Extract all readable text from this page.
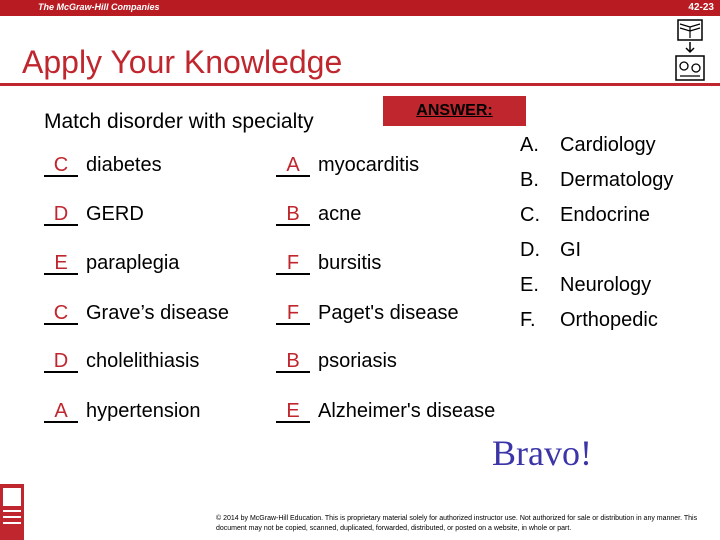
The McGraw-Hill Companies	42-23
Apply Your Knowledge
Match disorder with specialty	ANSWER:
C diabetes
D GERD
E paraplegia
C Grave’s disease
D cholelithiasis
A hypertension
A myocarditis
B acne
F bursitis
F Paget's disease
B psoriasis
E Alzheimer's disease
A. Cardiology
B. Dermatology
C. Endocrine
D. GI
E. Neurology
F. Orthopedic
Bravo!
© 2014 by McGraw-Hill Education. This is proprietary material solely for authorized instructor use. Not authorized for sale or distribution in any manner. This document may not be copied, scanned, duplicated, forwarded, distributed, or posted on a website, in whole or part.
